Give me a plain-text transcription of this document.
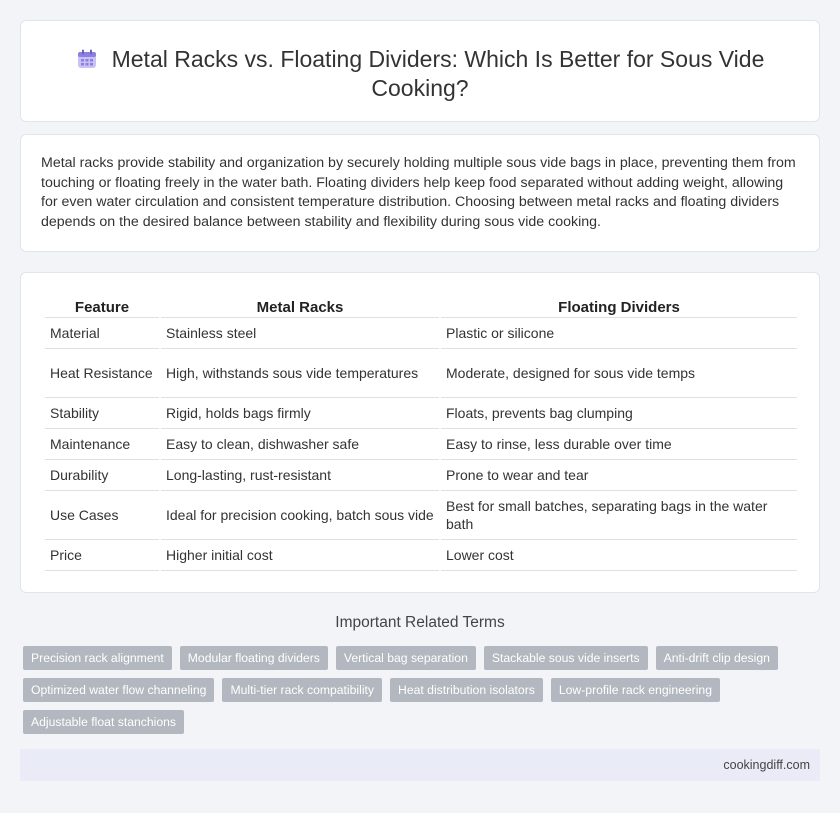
Metal Racks vs. Floating Dividers: Which Is Better for Sous Vide Cooking?

Metal racks provide stability and organization by securely holding multiple sous vide bags in place, preventing them from touching or floating freely in the water bath. Floating dividers help keep food separated without adding weight, allowing for even water circulation and consistent temperature distribution. Choosing between metal racks and floating dividers depends on the desired balance between stability and flexibility during sous vide cooking.

Feature	Metal Racks	Floating Dividers
Material	Stainless steel	Plastic or silicone
Heat Resistance	High, withstands sous vide temperatures	Moderate, designed for sous vide temps
Stability	Rigid, holds bags firmly	Floats, prevents bag clumping
Maintenance	Easy to clean, dishwasher safe	Easy to rinse, less durable over time
Durability	Long-lasting, rust-resistant	Prone to wear and tear
Use Cases	Ideal for precision cooking, batch sous vide	Best for small batches, separating bags in the water bath
Price	Higher initial cost	Lower cost
Important Related Terms
Precision rack alignment	Modular floating dividers	Vertical bag separation	Stackable sous vide inserts	Anti-drift clip design
Optimized water flow channeling	Multi-tier rack compatibility	Heat distribution isolators	Low-profile rack engineering
Adjustable float stanchions
cookingdiff.com
